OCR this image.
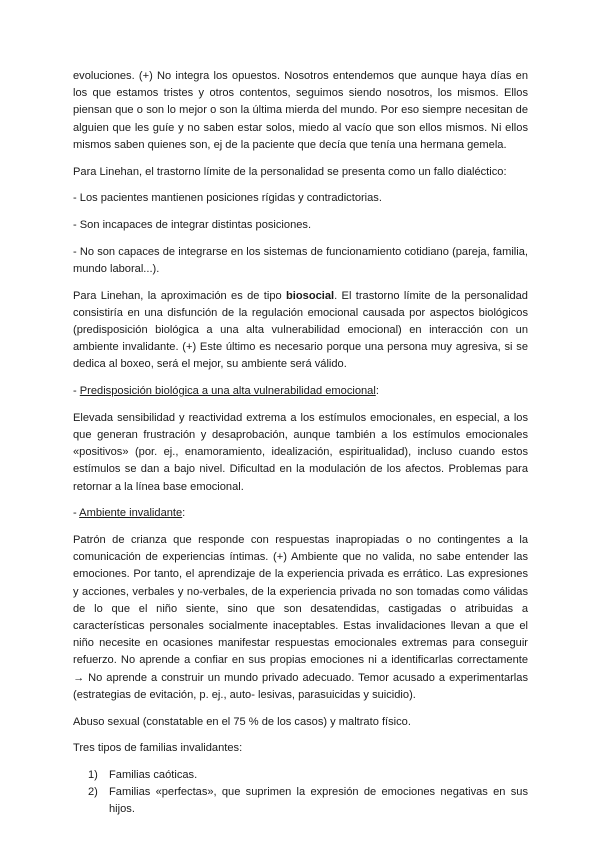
evoluciones. (+) No integra los opuestos. Nosotros entendemos que aunque haya días en los que estamos tristes y otros contentos, seguimos siendo nosotros, los mismos. Ellos piensan que o son lo mejor o son la última mierda del mundo. Por eso siempre necesitan de alguien que les guíe y no saben estar solos, miedo al vacío que son ellos mismos. Ni ellos mismos saben quienes son, ej de la paciente que decía que tenía una hermana gemela.

Para Linehan, el trastorno límite de la personalidad se presenta como un fallo dialéctico:

- Los pacientes mantienen posiciones rígidas y contradictorias.

- Son incapaces de integrar distintas posiciones.

- No son capaces de integrarse en los sistemas de funcionamiento cotidiano (pareja, familia, mundo laboral...).

Para Linehan, la aproximación es de tipo biosocial. El trastorno límite de la personalidad consistiría en una disfunción de la regulación emocional causada por aspectos biológicos (predisposición biológica a una alta vulnerabilidad emocional) en interacción con un ambiente invalidante. (+) Este último es necesario porque una persona muy agresiva, si se dedica al boxeo, será el mejor, su ambiente será válido.

- Predisposición biológica a una alta vulnerabilidad emocional:

Elevada sensibilidad y reactividad extrema a los estímulos emocionales, en especial, a los que generan frustración y desaprobación, aunque también a los estímulos emocionales «positivos» (por. ej., enamoramiento, idealización, espiritualidad), incluso cuando estos estímulos se dan a bajo nivel. Dificultad en la modulación de los afectos. Problemas para retornar a la línea base emocional.

- Ambiente invalidante:

Patrón de crianza que responde con respuestas inapropiadas o no contingentes a la comunicación de experiencias íntimas. (+) Ambiente que no valida, no sabe entender las emociones. Por tanto, el aprendizaje de la experiencia privada es errático. Las expresiones y acciones, verbales y no-verbales, de la experiencia privada no son tomadas como válidas de lo que el niño siente, sino que son desatendidas, castigadas o atribuidas a características personales socialmente inaceptables. Estas invalidaciones llevan a que el niño necesite en ocasiones manifestar respuestas emocionales extremas para conseguir refuerzo. No aprende a confiar en sus propias emociones ni a identificarlas correctamente → No aprende a construir un mundo privado adecuado. Temor acusado a experimentarlas (estrategias de evitación, p. ej., auto- lesivas, parasuicidas y suicidio).

Abuso sexual (constatable en el 75 % de los casos) y maltrato físico.

Tres tipos de familias invalidantes:

1) Familias caóticas.
2) Familias «perfectas», que suprimen la expresión de emociones negativas en sus hijos.
